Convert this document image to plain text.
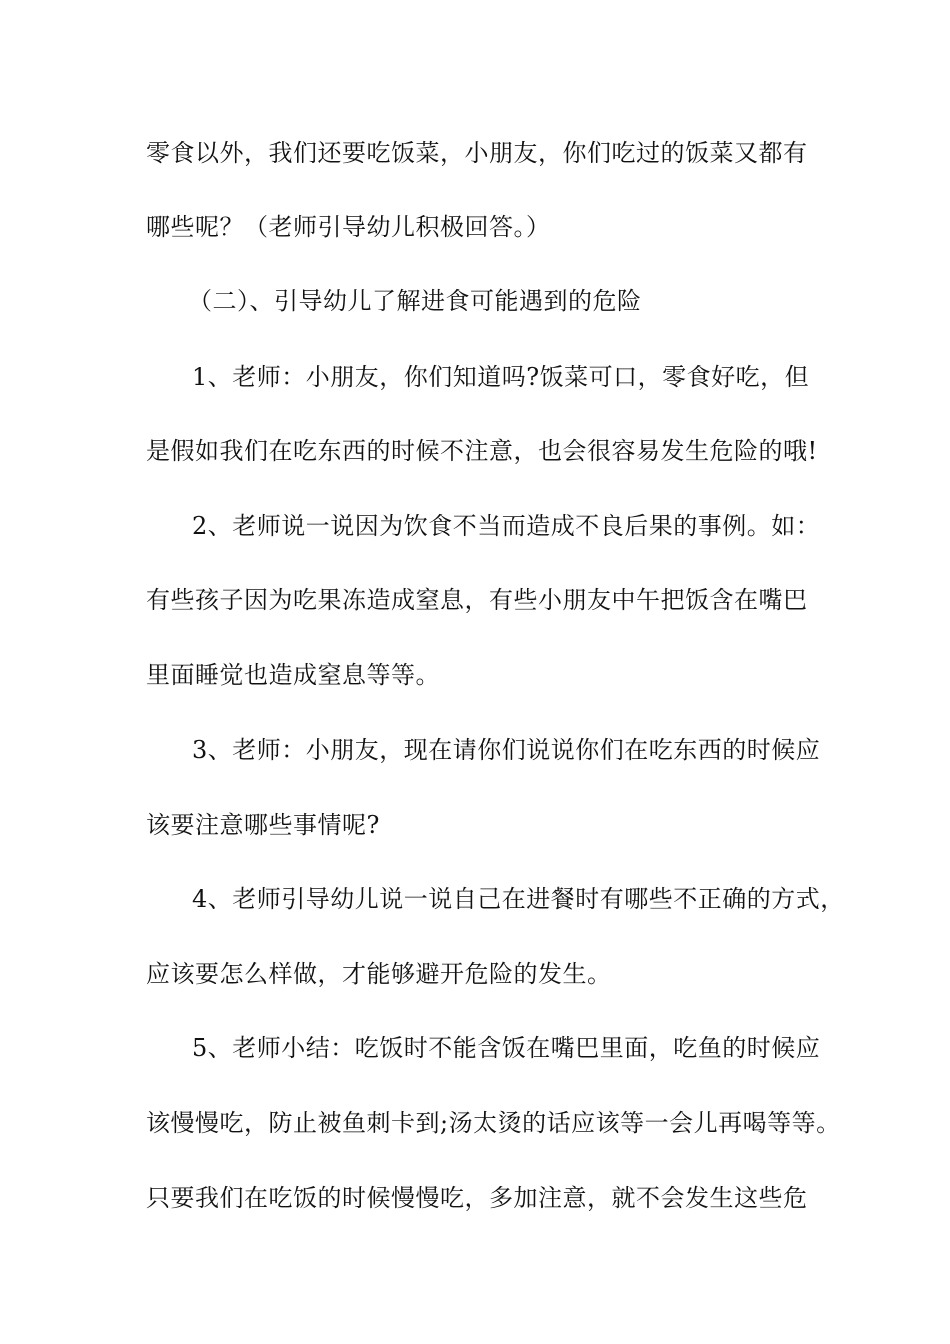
零食以外，我们还要吃饭菜，小朋友，你们吃过的饭菜又都有
哪些呢？（老师引导幼儿积极回答。）
（二）、引导幼儿了解进食可能遇到的危险
1、老师：小朋友，你们知道吗?饭菜可口，零食好吃，但
是假如我们在吃东西的时候不注意，也会很容易发生危险的哦!
2、老师说一说因为饮食不当而造成不良后果的事例。如：
有些孩子因为吃果冻造成窒息，有些小朋友中午把饭含在嘴巴
里面睡觉也造成窒息等等。
3、老师：小朋友，现在请你们说说你们在吃东西的时候应
该要注意哪些事情呢?
4、老师引导幼儿说一说自己在进餐时有哪些不正确的方式，
应该要怎么样做，才能够避开危险的发生。
5、老师小结：吃饭时不能含饭在嘴巴里面，吃鱼的时候应
该慢慢吃，防止被鱼刺卡到;汤太烫的话应该等一会儿再喝等等。
只要我们在吃饭的时候慢慢吃，多加注意，就不会发生这些危
